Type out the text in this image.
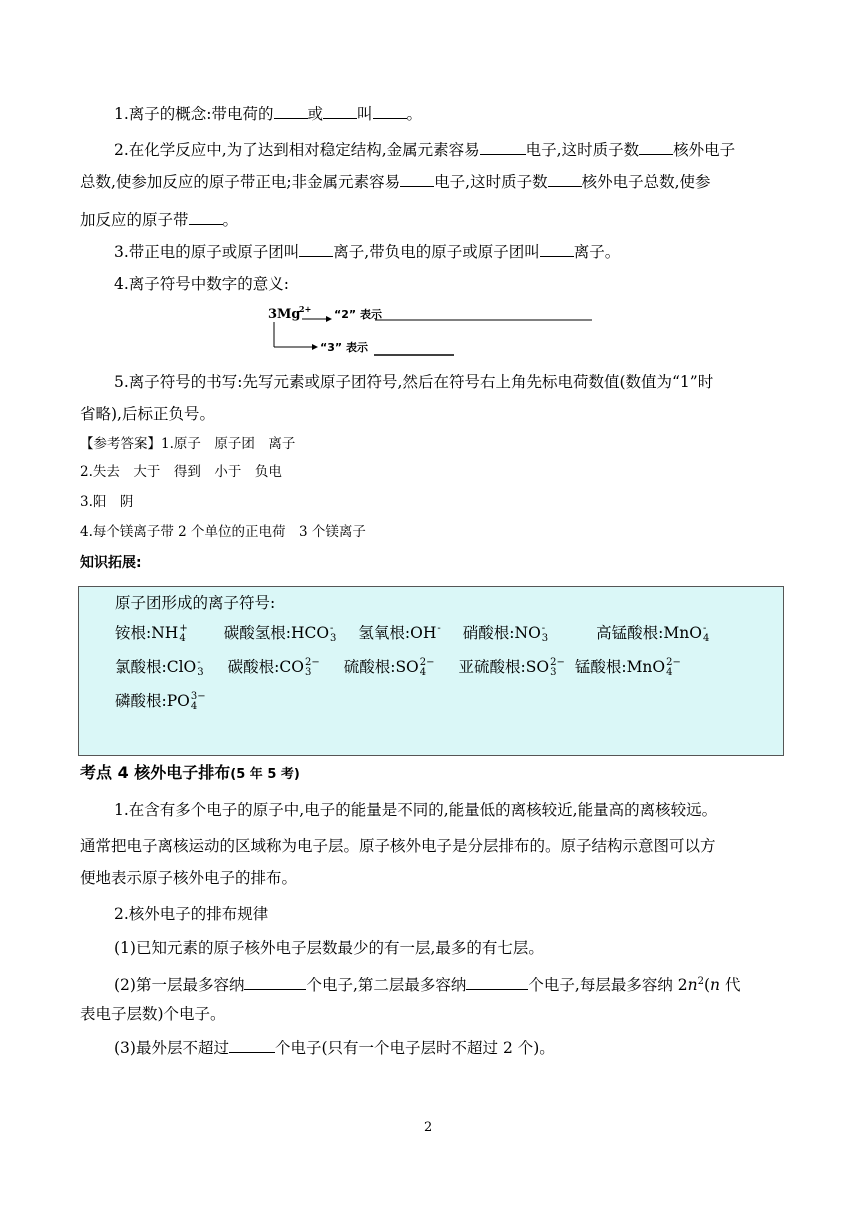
1.离子的概念:带电荷的 或 叫 。
2.在化学反应中,为了达到相对稳定结构,金属元素容易	电子,这时质子数 核外电子
总数,使参加反应的原子带正电;非金属元素容易 电子,这时质子数 核外电子总数,使参
加反应的原子带 。
3.带正电的原子或原子团叫 离子,带负电的原子或原子团叫 离子。
4.离子符号中数字的意义:
3Mg
2+ “2” 表示
“3” 表示
5.离子符号的书写:先写元素或原子团符号,然后在符号右上角先标电荷数值(数值为“1”时
省略),后标正负号。
【参考答案】1.原子　原子团　离子
2.失去　大于　得到　小于　负电
3.阳　阴
4.每个镁离子带 2 个单位的正电荷　3 个镁离子
知识拓展:
原子团形成的离子符号:
铵根:NH +
4 碳酸氢根:HCO -
3 氢氧根:OH -
硝酸根:NO -
3	高锰酸根:MnO -
4
氯酸根:ClO -
3 碳酸根:CO 2−
3	硫酸根:SO 2−
4	亚硫酸根:SO 2−
3	锰酸根:MnO 2−
4
磷酸根:PO 3−
4
考点 4 核外电子排布(5 年 5 考)
1.在含有多个电子的原子中,电子的能量是不同的,能量低的离核较近,能量高的离核较远。
通常把电子离核运动的区域称为电子层。原子核外电子是分层排布的。原子结构示意图可以方
便地表示原子核外电子的排布。
2.核外电子的排布规律
(1)已知元素的原子核外电子层数最少的有一层,最多的有七层。
(2)第一层最多容纳	个电子,第二层最多容纳	个电子,每层最多容纳 $2n^2(n$ 代
表电子层数)个电子。
(3)最外层不超过	个电子(只有一个电子层时不超过 2 个)。
2
